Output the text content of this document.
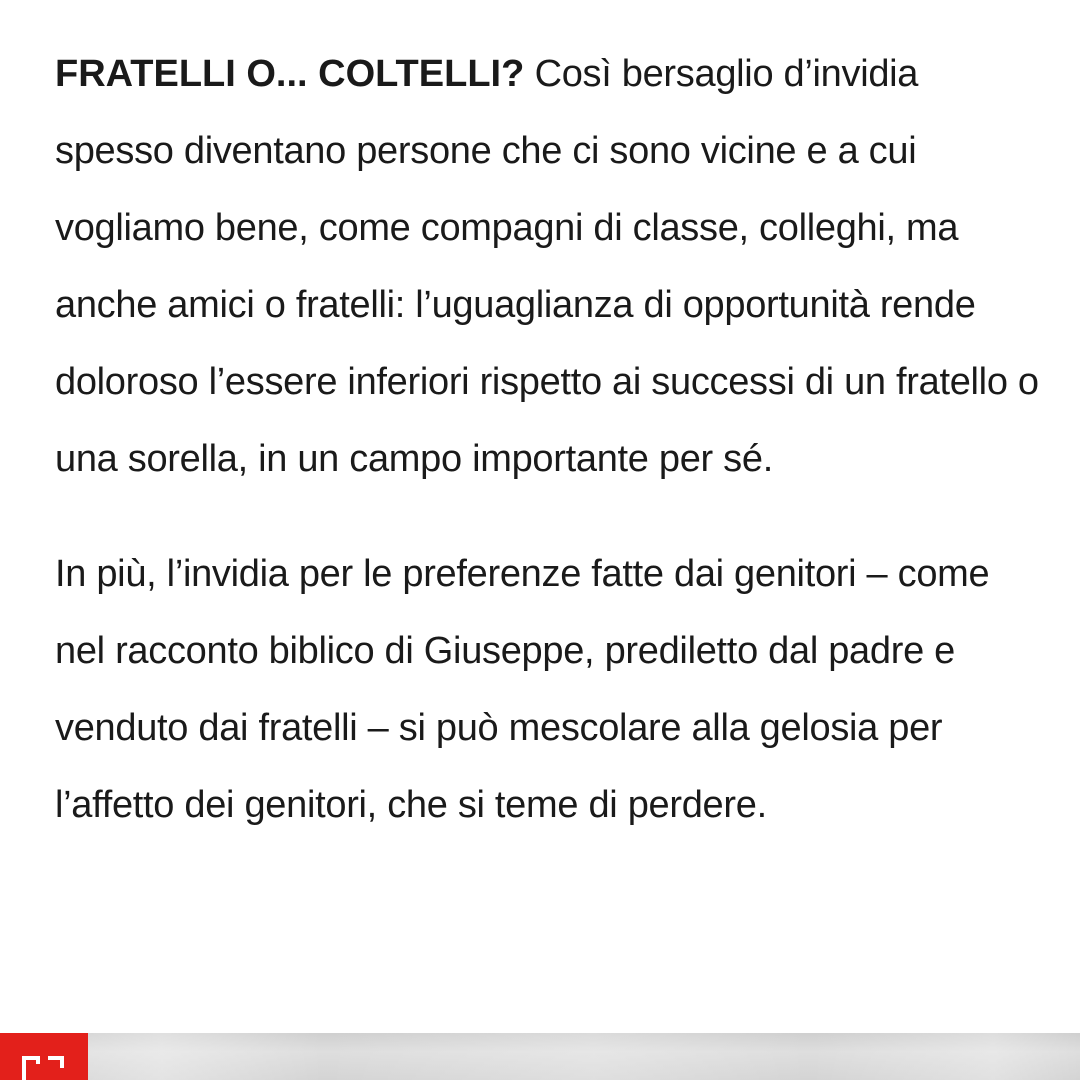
FRATELLI O... COLTELLI? Così bersaglio d’invidia spesso diventano persone che ci sono vicine e a cui vogliamo bene, come compagni di classe, colleghi, ma anche amici o fratelli: l’uguaglianza di opportunità rende doloroso l’essere inferiori rispetto ai successi di un fratello o una sorella, in un campo importante per sé.

In più, l’invidia per le preferenze fatte dai genitori – come nel racconto biblico di Giuseppe, prediletto dal padre e venduto dai fratelli – si può mescolare alla gelosia per l’affetto dei genitori, che si teme di perdere.
